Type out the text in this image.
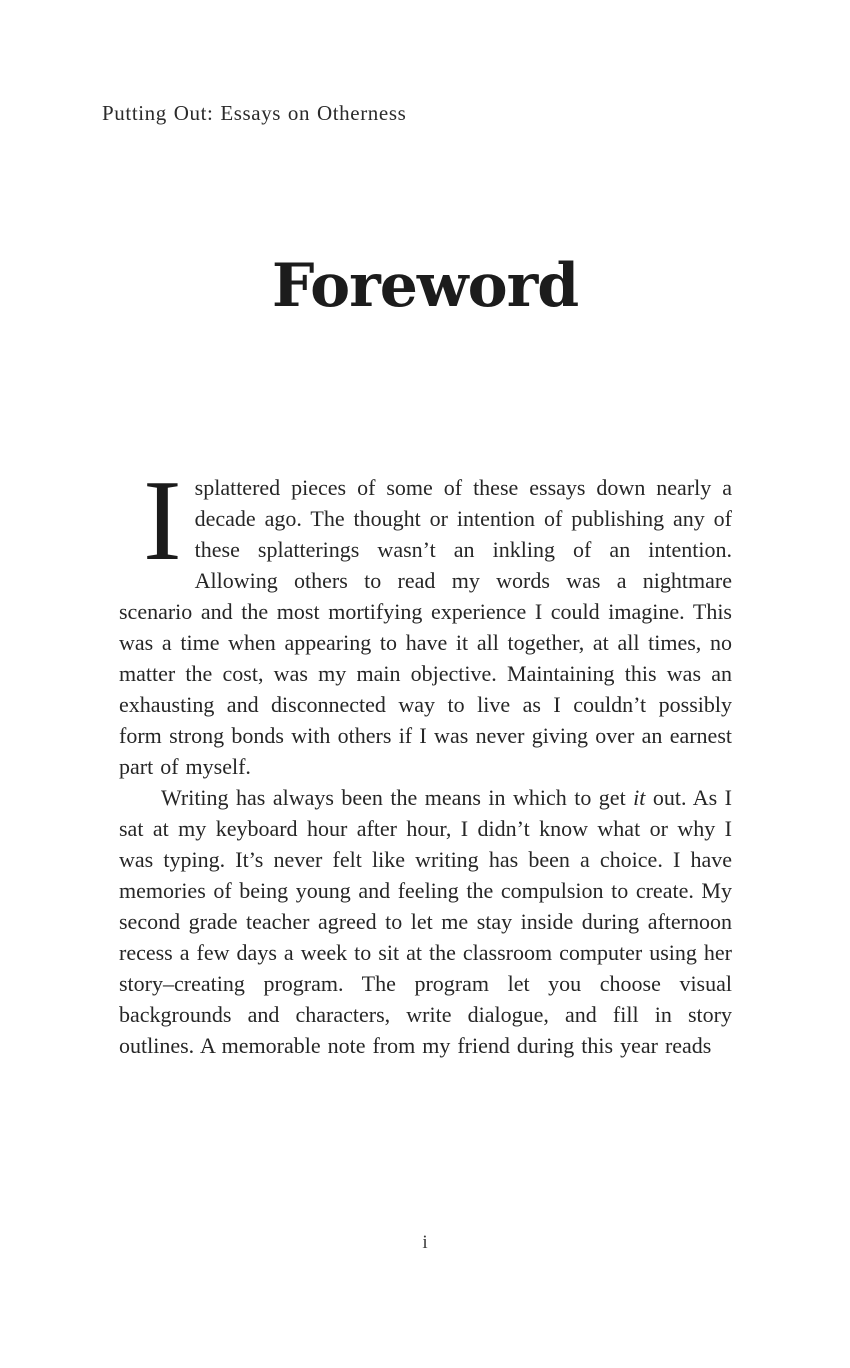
Putting Out: Essays on Otherness
Foreword

Isplattered pieces of some of these essays down nearly a decade ago. The thought or intention of publishing any of these splatterings wasn’t an inkling of an intention. Allowing others to read my words was a nightmare scenario and the most mortifying experience I could imagine. This was a time when appearing to have it all together, at all times, no matter the cost, was my main objective. Maintaining this was an exhausting and disconnected way to live as I couldn’t possibly form strong bonds with others if I was never giving over an earnest part of myself.

Writing has always been the means in which to get it out. As I sat at my keyboard hour after hour, I didn’t know what or why I was typing. It’s never felt like writing has been a choice. I have memories of being young and feeling the compulsion to create. My second grade teacher agreed to let me stay inside during afternoon recess a few days a week to sit at the classroom computer using her story–creating program. The program let you choose visual backgrounds and characters, write dialogue, and fill in story outlines. A memorable note from my friend during this year reads

i
